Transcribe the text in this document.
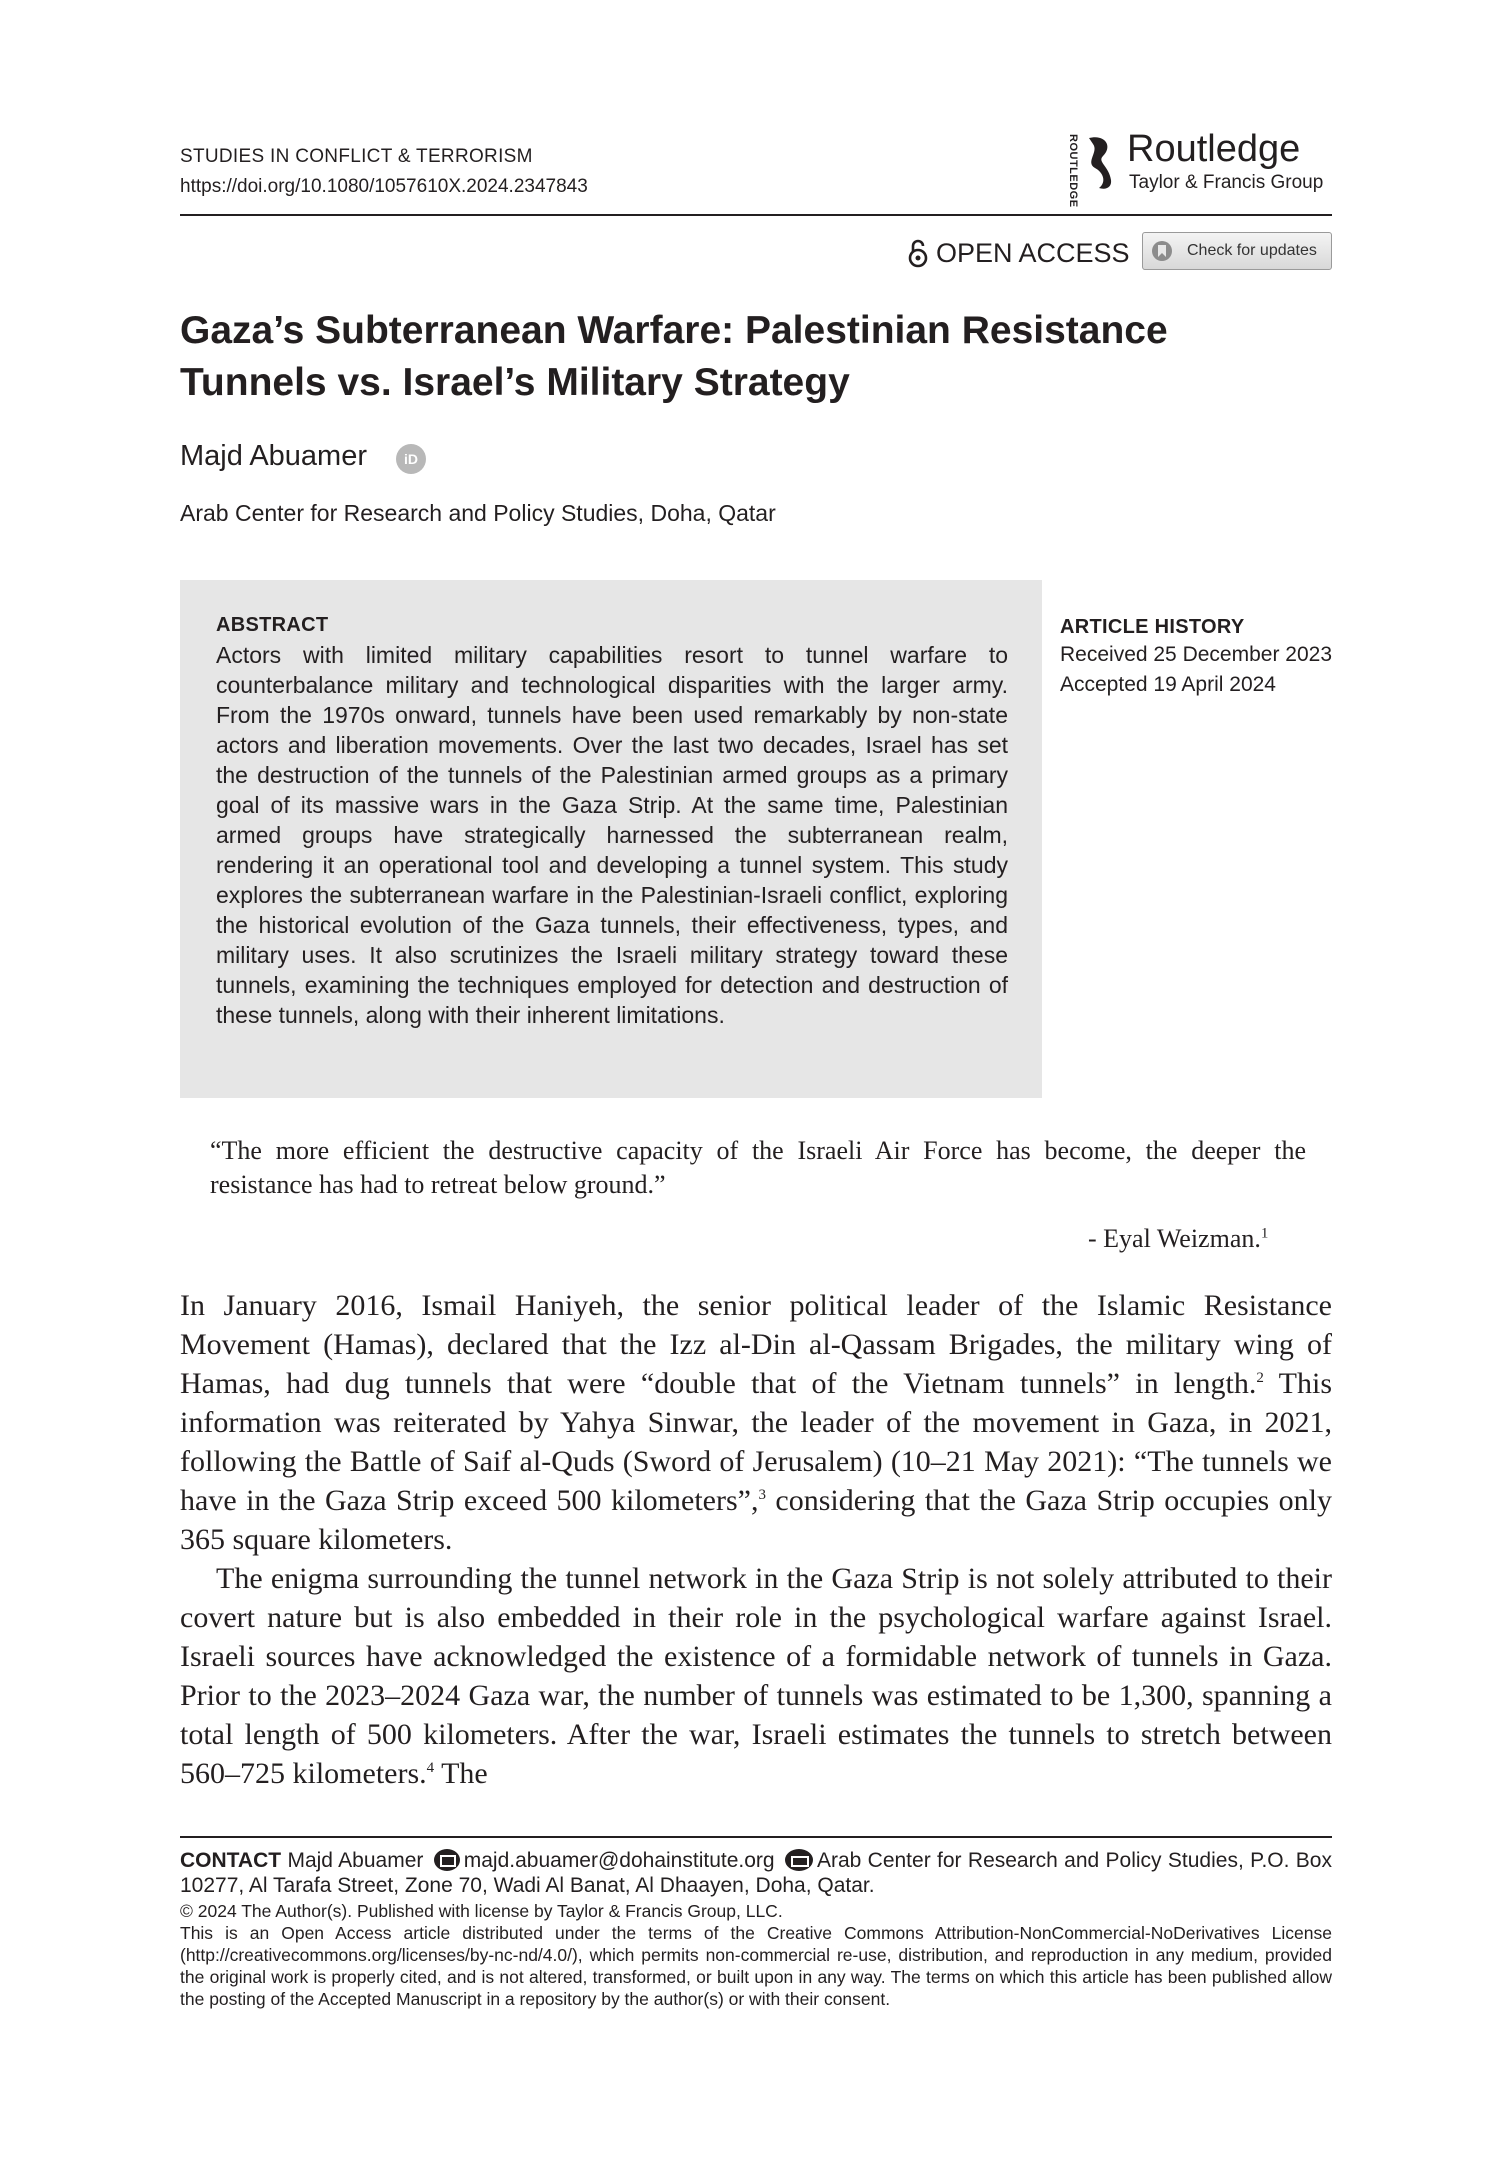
STUDIES IN CONFLICT & TERRORISM
https://doi.org/10.1080/1057610X.2024.2347843	ROUTLEDGE Routledge
Taylor & Francis Group
OPEN ACCESS	Check for updates
Gaza’s Subterranean Warfare: Palestinian Resistance Tunnels vs. Israel’s Military Strategy
Majd Abuamer	iD
Arab Center for Research and Policy Studies, Doha, Qatar
ABSTRACT
Actors with limited military capabilities resort to tunnel warfare to counterbalance military and technological disparities with the larger army. From the 1970s onward, tunnels have been used remarkably by non-state actors and liberation movements. Over the last two decades, Israel has set the destruction of the tunnels of the Palestinian armed groups as a primary goal of its massive wars in the Gaza Strip. At the same time, Palestinian armed groups have strategically harnessed the subterranean realm, rendering it an operational tool and developing a tunnel system. This study explores the subterranean warfare in the Palestinian-Israeli conflict, exploring the historical evolution of the Gaza tunnels, their effectiveness, types, and military uses. It also scrutinizes the Israeli military strategy toward these tunnels, examining the techniques employed for detection and destruction of these tunnels, along with their inherent limitations.
ARTICLE HISTORY
Received 25 December 2023
Accepted 19 April 2024
“The more efficient the destructive capacity of the Israeli Air Force has become, the deeper the resistance has had to retreat below ground.”
- Eyal Weizman.$^1$

In January 2016, Ismail Haniyeh, the senior political leader of the Islamic Resistance Movement (Hamas), declared that the Izz al-Din al-Qassam Brigades, the military wing of Hamas, had dug tunnels that were “double that of the Vietnam tunnels” in length.$^2$ This information was reiterated by Yahya Sinwar, the leader of the movement in Gaza, in 2021, following the Battle of Saif al-Quds (Sword of Jerusalem) (10–21 May 2021): “The tunnels we have in the Gaza Strip exceed 500 kilometers”,$^3$ considering that the Gaza Strip occupies only 365 square kilometers.

The enigma surrounding the tunnel network in the Gaza Strip is not solely attributed to their covert nature but is also embedded in their role in the psychological warfare against Israel. Israeli sources have acknowledged the existence of a formidable network of tunnels in Gaza. Prior to the 2023–2024 Gaza war, the number of tunnels was estimated to be 1,300, spanning a total length of 500 kilometers. After the war, Israeli estimates the tunnels to stretch between 560–725 kilometers.$^4$ The

CONTACT Majd Abuamer majd.abuamer@dohainstitute.org Arab Center for Research and Policy Studies, P.O. Box 10277, Al Tarafa Street, Zone 70, Wadi Al Banat, Al Dhaayen, Doha, Qatar.
© 2024 The Author(s). Published with license by Taylor & Francis Group, LLC.
This is an Open Access article distributed under the terms of the Creative Commons Attribution-NonCommercial-NoDerivatives License (http://creativecommons.org/licenses/by-nc-nd/4.0/), which permits non-commercial re-use, distribution, and reproduction in any medium, provided the original work is properly cited, and is not altered, transformed, or built upon in any way. The terms on which this article has been published allow the posting of the Accepted Manuscript in a repository by the author(s) or with their consent.
